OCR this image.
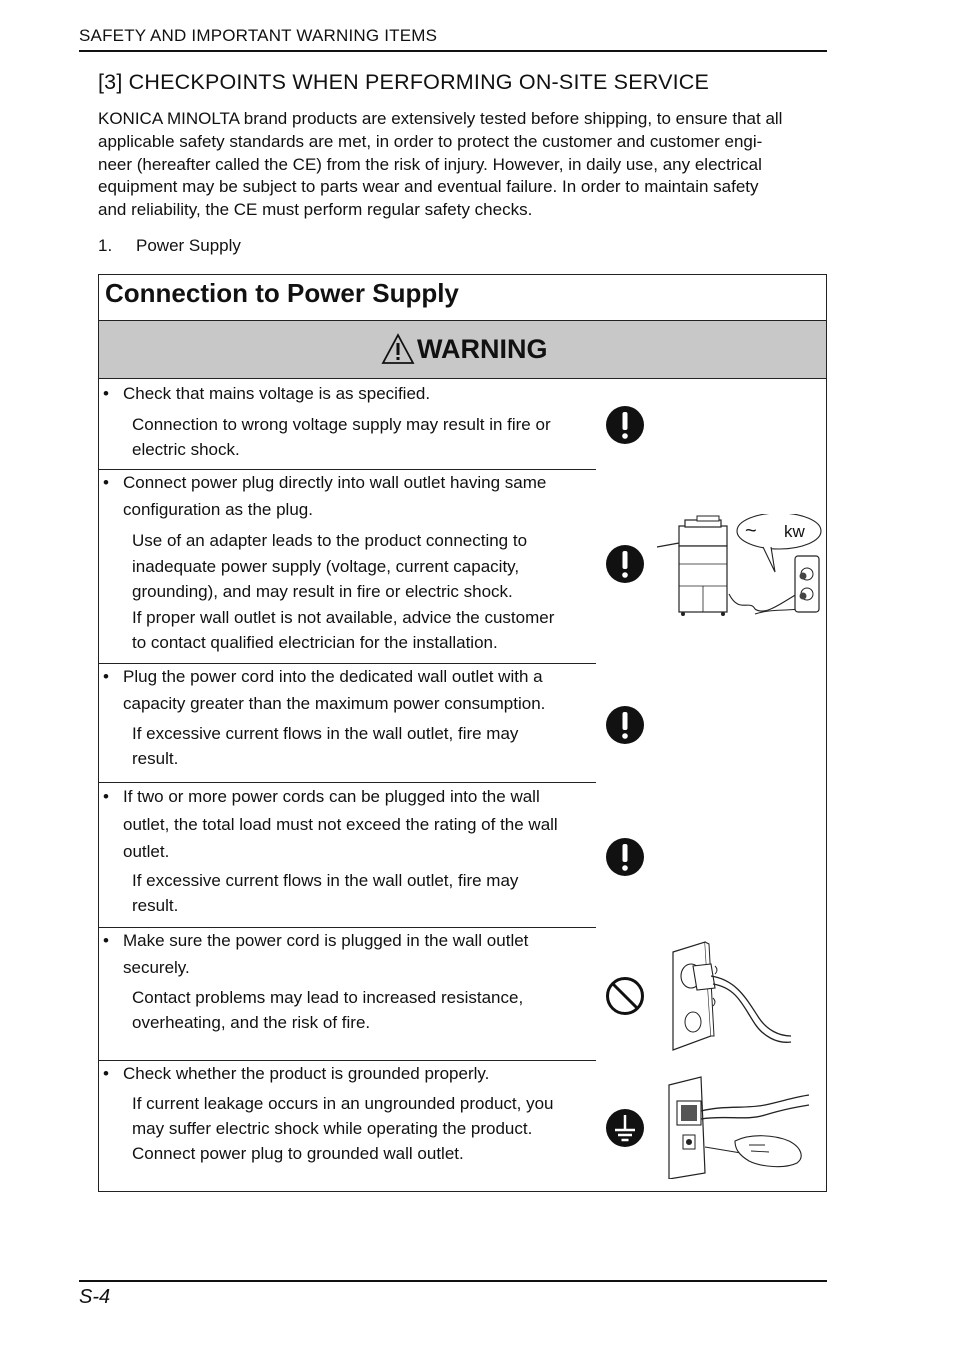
SAFETY AND IMPORTANT WARNING ITEMS
[3] CHECKPOINTS WHEN PERFORMING ON-SITE SERVICE

KONICA MINOLTA brand products are extensively tested before shipping, to ensure that all
applicable safety standards are met, in order to protect the customer and customer engi-
neer (hereafter called the CE) from the risk of injury. However, in daily use, any electrical
equipment may be subject to parts wear and eventual failure. In order to maintain safety
and reliability, the CE must perform regular safety checks.

1. Power Supply
Connection to Power Supply
WARNING
• Check that mains voltage is as specified.
Connection to wrong voltage supply may result in fire or
electric shock.
• Connect power plug directly into wall outlet having same
configuration as the plug.
Use of an adapter leads to the product connecting to
inadequate power supply (voltage, current capacity,
grounding), and may result in fire or electric shock.
If proper wall outlet is not available, advice the customer
to contact qualified electrician for the installation.
~ kw
• Plug the power cord into the dedicated wall outlet with a
capacity greater than the maximum power consumption.
If excessive current flows in the wall outlet, fire may
result.
• If two or more power cords can be plugged into the wall
outlet, the total load must not exceed the rating of the wall
outlet.
If excessive current flows in the wall outlet, fire may
result.
• Make sure the power cord is plugged in the wall outlet
securely.
Contact problems may lead to increased resistance,
overheating, and the risk of fire.
• Check whether the product is grounded properly.
If current leakage occurs in an ungrounded product, you
may suffer electric shock while operating the product.
Connect power plug to grounded wall outlet.
S-4
